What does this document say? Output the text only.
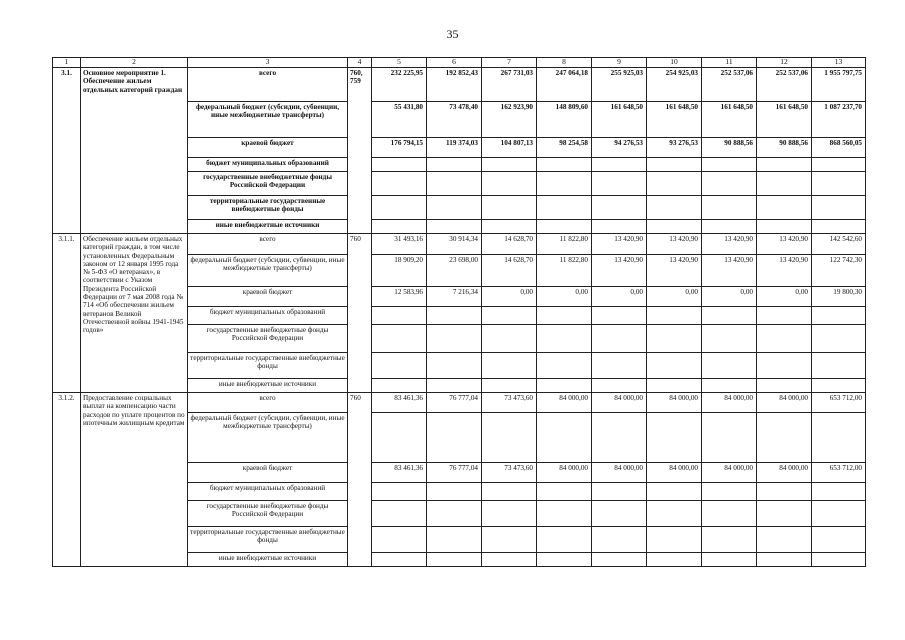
35
1	2	3	4	5	6	7	8	9	10	11	12	13
3.1.	Основное мероприятие 1. Обеспечение жильем отдельных категорий граждан	всего	760, 759	232 225,95	192 852,43	267 731,03	247 064,18	255 925,03	254 925,03	252 537,06	252 537,06	1 955 797,75
		федеральный бюджет (субсидии, субвенции, иные межбюджетные трансферты)		55 431,80	73 478,40	162 923,90	148 809,60	161 648,50	161 648,50	161 648,50	161 648,50	1 087 237,70
		краевой бюджет		176 794,15	119 374,03	104 807,13	98 254,58	94 276,53	93 276,53	90 888,56	90 888,56	868 560,05
		бюджет муниципальных образований										
		государственные внебюджетные фонды Российской Федерации										
		территориальные государственные внебюджетные фонды										
		иные внебюджетные источники										
3.1.1.	Обеспечение жильем отдельных категорий граждан, в том числе установленных Федеральным законом от 12 января 1995 года № 5-ФЗ «О ветеранах», в соответствии с Указом Президента Российской Федерации от 7 мая 2008 года № 714 «Об обеспечении жильем ветеранов Великой Отечественной войны 1941-1945 годов»	всего	760	31 493,16	30 914,34	14 628,70	11 822,80	13 420,90	13 420,90	13 420,90	13 420,90	142 542,60
		федеральный бюджет (субсидии, субвенции, иные межбюджетные трансферты)		18 909,20	23 698,00	14 628,70	11 822,80	13 420,90	13 420,90	13 420,90	13 420,90	122 742,30
		краевой бюджет		12 583,96	7 216,34	0,00	0,00	0,00	0,00	0,00	0,00	19 800,30
		бюджет муниципальных образований										
		государственные внебюджетные фонды Российской Федерации										
		территориальные государственные внебюджетные фонды										
		иные внебюджетные источники										
3.1.2.	Предоставление социальных выплат на компенсацию части расходов по уплате процентов по ипотечным жилищным кредитам	всего	760	83 461,36	76 777,04	73 473,60	84 000,00	84 000,00	84 000,00	84 000,00	84 000,00	653 712,00
		федеральный бюджет (субсидии, субвенции, иные межбюджетные трансферты)										
		краевой бюджет		83 461,36	76 777,04	73 473,60	84 000,00	84 000,00	84 000,00	84 000,00	84 000,00	653 712,00
		бюджет муниципальных образований										
		государственные внебюджетные фонды Российской Федерации										
		территориальные государственные внебюджетные фонды										
		иные внебюджетные источники										
